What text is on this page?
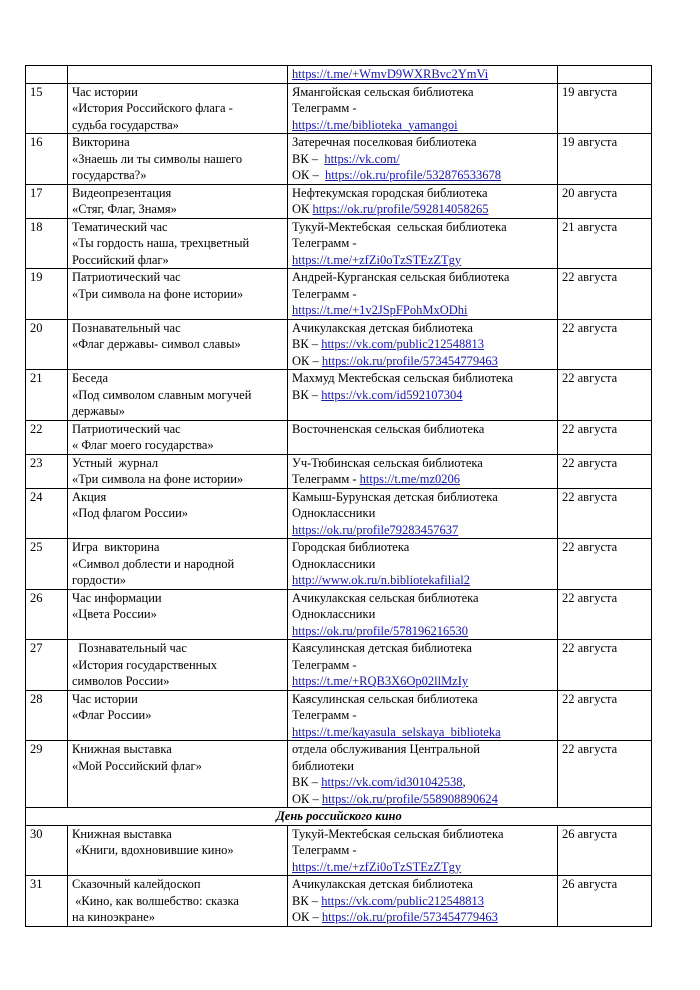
		https://t.me/+WmvD9WXRBvc2YmVi	

15	Час истории
«История Российского флага -
судьба государства»	Ямангойская сельская библиотека
Телеграмм -
https://t.me/biblioteka_yamangoi	19 августа
16	Викторина
«Знаешь ли ты символы нашего
государства?»	Затеречная поселковая библиотека
ВК –  https://vk.com/
ОК –  https://ok.ru/profile/532876533678	19 августа
17	Видеопрезентация
«Стяг, Флаг, Знамя»	Нефтекумская городская библиотека
ОК https://ok.ru/profile/592814058265	20 августа
18	Тематический час
«Ты гордость наша, трехцветный
Российский флаг»	Тукуй-Мектебская  сельская библиотека
Телеграмм -
https://t.me/+zfZi0oTzSTEzZTgy	21 августа
19	Патриотический час
«Три символа на фоне истории»	Андрей-Курганская сельская библиотека
Телеграмм -
https://t.me/+1v2JSpFPohMxODhi	22 августа
20	Познавательный час
«Флаг державы- символ славы»	Ачикулакская детская библиотека
ВК – https://vk.com/public212548813
ОК – https://ok.ru/profile/573454779463	22 августа
21	Беседа
«Под символом славным могучей
державы»	Махмуд Мектебская сельская библиотека
ВК – https://vk.com/id592107304	22 августа
22	Патриотический час
« Флаг моего государства»	Восточненская сельская библиотека	22 августа
23	Устный  журнал
«Три символа на фоне истории»	Уч-Тюбинская сельская библиотека
Телеграмм - https://t.me/mz0206	22 августа
24	Акция
«Под флагом России»	Камыш-Бурунская детская библиотека
Одноклассники
https://ok.ru/profile79283457637	22 августа
25	Игра  викторина
«Символ доблести и народной
гордости»	Городская библиотека
Одноклассники
http://www.ok.ru/n.bibliotekafilial2	22 августа
26	Час информации
«Цвета России»	Ачикулакская сельская библиотека
Одноклассники
https://ok.ru/profile/578196216530	22 августа
27	Познавательный час
«История государственных
символов России»	Каясулинская детская библиотека
Телеграмм -
https://t.me/+RQB3X6Op02llMzIy	22 августа
28	Час истории
«Флаг России»	Каясулинская сельская библиотека
Телеграмм -
https://t.me/kayasula_selskaya_biblioteka	22 августа
29	Книжная выставка
«Мой Российский флаг»	отдела обслуживания Центральной
библиотеки
ВК – https://vk.com/id301042538,
ОК – https://ok.ru/profile/558908890624	22 августа
День российского кино			
30	Книжная выставка
«Книги, вдохновившие кино»	Тукуй-Мектебская сельская библиотека
Телеграмм -
https://t.me/+zfZi0oTzSTEzZTgy	26 августа
31	Сказочный калейдоскоп
«Кино, как волшебство: сказка
на киноэкране»	Ачикулакская детская библиотека
ВК – https://vk.com/public212548813
ОК – https://ok.ru/profile/573454779463	26 августа
